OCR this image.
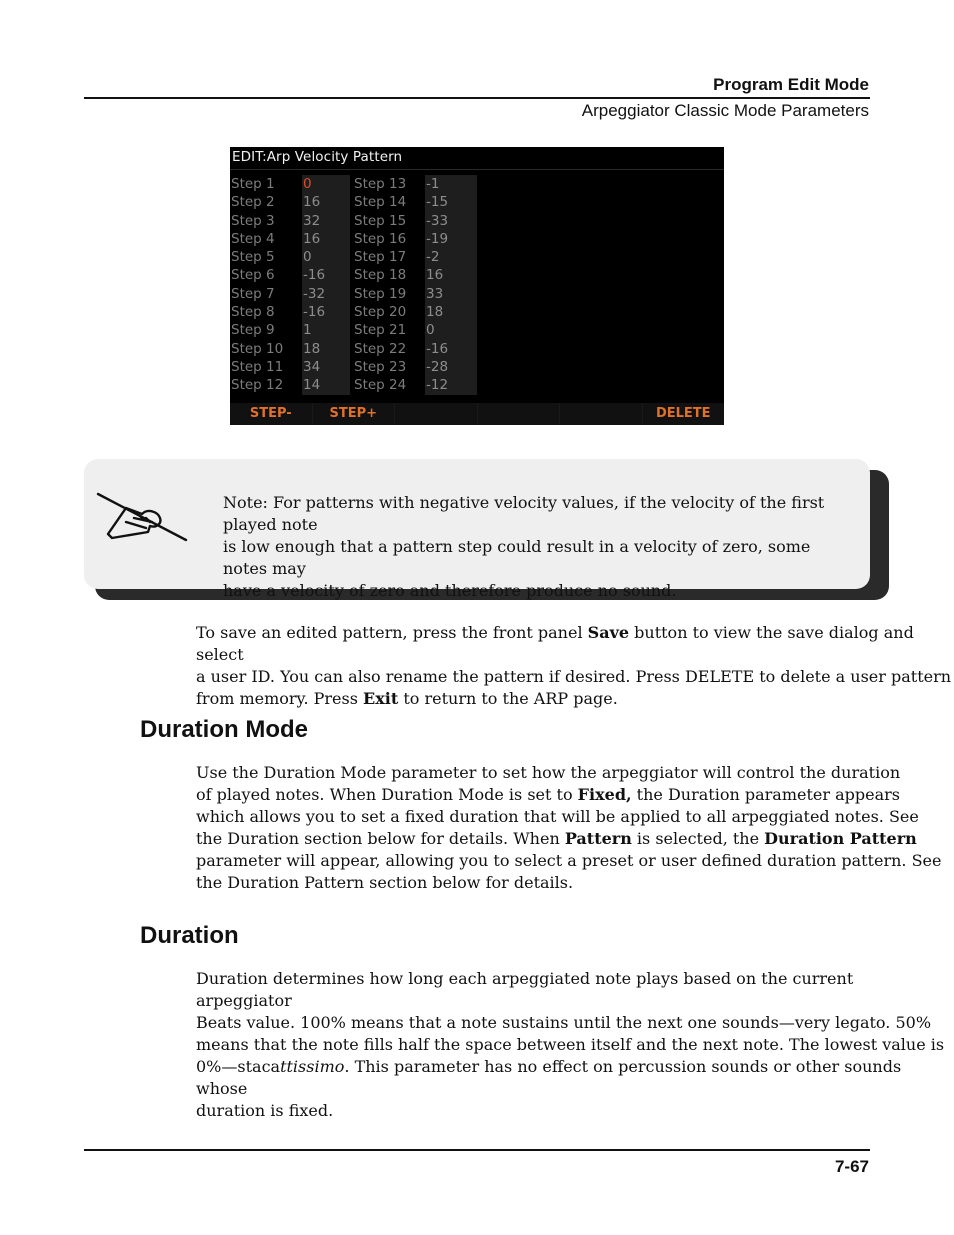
Program Edit Mode
Arpeggiator Classic Mode Parameters
EDIT:Arp Velocity Pattern
Step 1
Step 2
Step 3
Step 4
Step 5
Step 6
Step 7
Step 8
Step 9
Step 10
Step 11
Step 12
0
16
32
16
0
-16
-32
-16
1
18
34
14
Step 13
Step 14
Step 15
Step 16
Step 17
Step 18
Step 19
Step 20
Step 21
Step 22
Step 23
Step 24
-1
-15
-33
-19
-2
16
33
18
0
-16
-28
-12
STEP-	STEP+	DELETE
Note: For patterns with negative velocity values, if the velocity of the first played note
is low enough that a pattern step could result in a velocity of zero, some notes may
have a velocity of zero and therefore produce no sound.
To save an edited pattern, press the front panel Save button to view the save dialog and select
a user ID. You can also rename the pattern if desired. Press DELETE to delete a user pattern
from memory. Press Exit to return to the ARP page.
Duration Mode
Use the Duration Mode parameter to set how the arpeggiator will control the duration
of played notes. When Duration Mode is set to Fixed, the Duration parameter appears
which allows you to set a fixed duration that will be applied to all arpeggiated notes. See
the Duration section below for details. When Pattern is selected, the Duration Pattern
parameter will appear, allowing you to select a preset or user defined duration pattern. See
the Duration Pattern section below for details.
Duration
Duration determines how long each arpeggiated note plays based on the current arpeggiator
Beats value. 100% means that a note sustains until the next one sounds—very legato. 50%
means that the note fills half the space between itself and the next note. The lowest value is
0%—stacattissimo. This parameter has no effect on percussion sounds or other sounds whose
duration is fixed.
7-67
